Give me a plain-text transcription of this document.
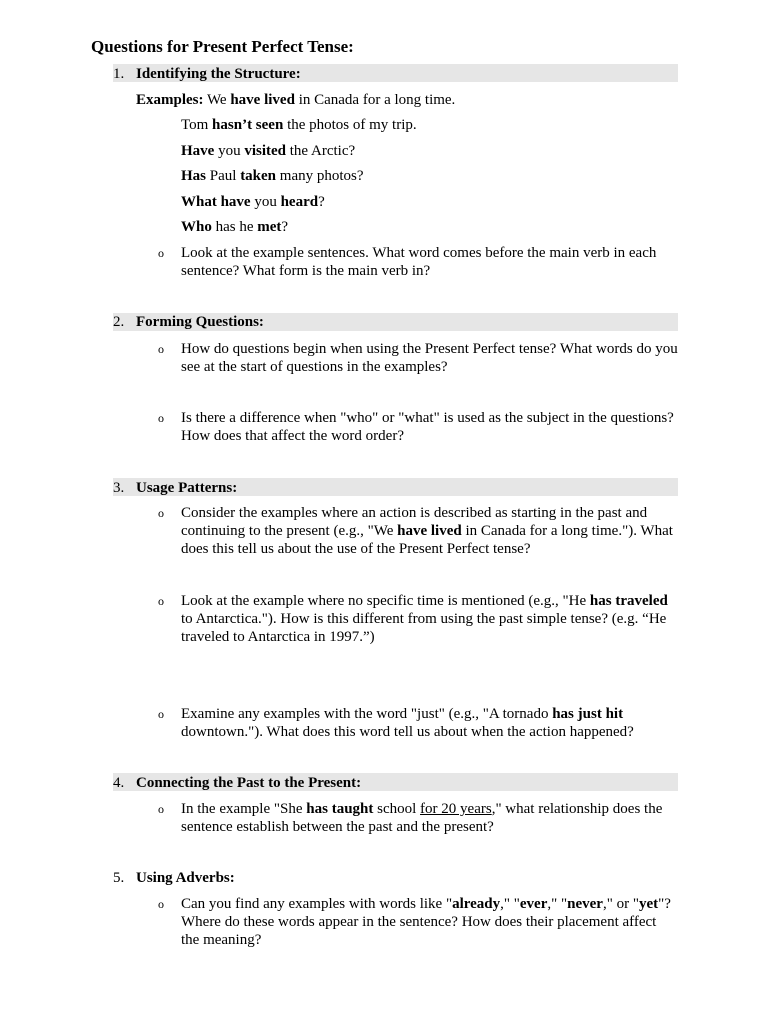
Questions for Present Perfect Tense:
1. Identifying the Structure:
Examples: We have lived in Canada for a long time.
Tom hasn’t seen the photos of my trip.
Have you visited the Arctic?
Has Paul taken many photos?
What have you heard?
Who has he met?
o Look at the example sentences. What word comes before the main verb in each sentence? What form is the main verb in?
2. Forming Questions:
o How do questions begin when using the Present Perfect tense? What words do you see at the start of questions in the examples?
o Is there a difference when "who" or "what" is used as the subject in the questions? How does that affect the word order?
3. Usage Patterns:
o Consider the examples where an action is described as starting in the past and continuing to the present (e.g., "We have lived in Canada for a long time."). What does this tell us about the use of the Present Perfect tense?
o Look at the example where no specific time is mentioned (e.g., "He has traveled to Antarctica."). How is this different from using the past simple tense? (e.g. “He traveled to Antarctica in 1997.”)
o Examine any examples with the word "just" (e.g., "A tornado has just hit downtown."). What does this word tell us about when the action happened?
4. Connecting the Past to the Present:
o In the example "She has taught school for 20 years," what relationship does the sentence establish between the past and the present?
5. Using Adverbs:
o Can you find any examples with words like "already," "ever," "never," or "yet"? Where do these words appear in the sentence? How does their placement affect the meaning?
